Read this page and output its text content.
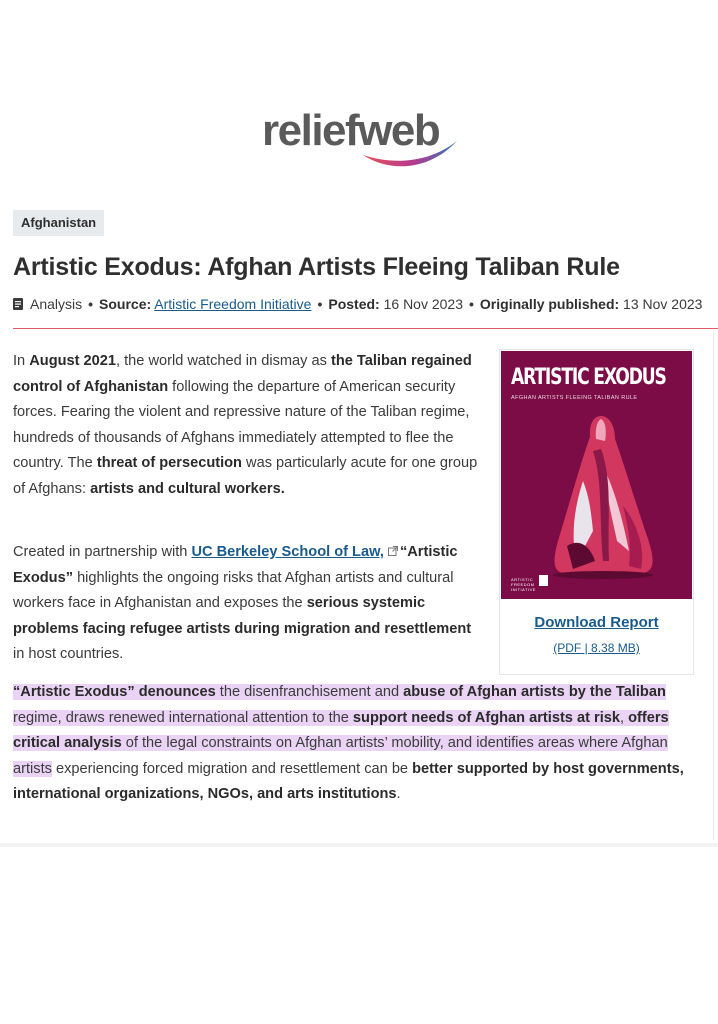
reliefweb
Afghanistan
Artistic Exodus: Afghan Artists Fleeing Taliban Rule
Analysis • Source: Artistic Freedom Initiative • Posted: 16 Nov 2023 • Originally published: 13 Nov 2023

In August 2021, the world watched in dismay as the Taliban regained control of Afghanistan following the departure of American security forces. Fearing the violent and repressive nature of the Taliban regime, hundreds of thousands of Afghans immediately attempted to flee the country. The threat of persecution was particularly acute for one group of Afghans: artists and cultural workers.

Created in partnership with UC Berkeley School of Law, “Artistic Exodus” highlights the ongoing risks that Afghan artists and cultural workers face in Afghanistan and exposes the serious systemic problems facing refugee artists during migration and resettlement in host countries.

“Artistic Exodus” denounces the disenfranchisement and abuse of Afghan artists by the Taliban regime, draws renewed international attention to the support needs of Afghan artists at risk, offers critical analysis of the legal constraints on Afghan artists’ mobility, and identifies areas where Afghan artists experiencing forced migration and resettlement can be better supported by host governments, international organizations, NGOs, and arts institutions.

ARTISTIC EXODUS
AFGHAN ARTISTS FLEEING TALIBAN RULE
ARTISTIC
FREEDOM
INITIATIVE
Download Report
(PDF | 8.38 MB)
